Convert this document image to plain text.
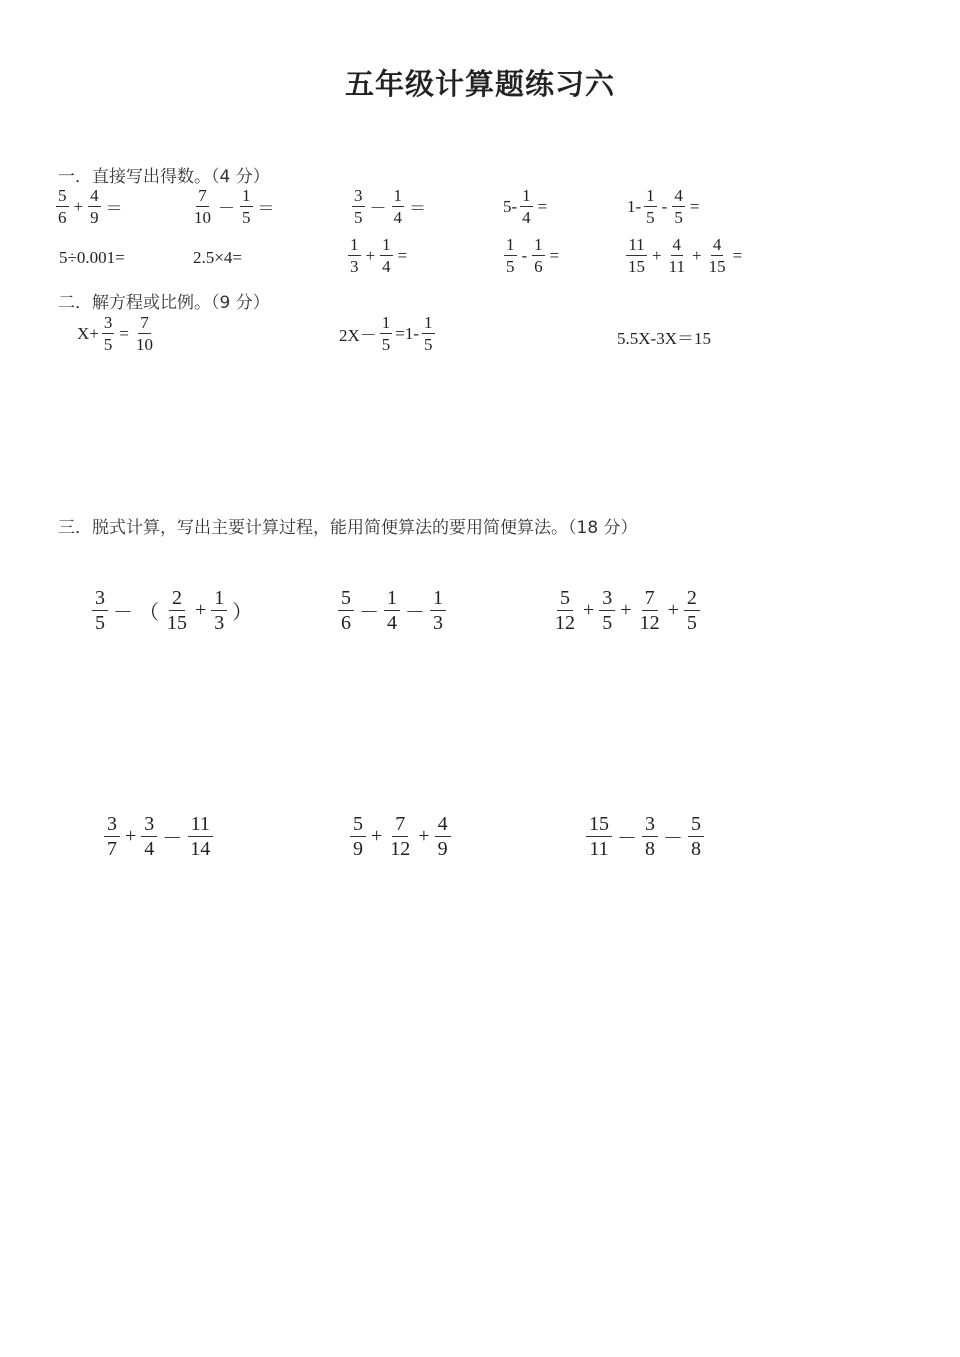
五年级计算题练习六
一．直接写出得数。（4 分）
二．解方程或比例。（9 分）
三．脱式计算，写出主要计算过程，能用简便算法的要用简便算法。（18 分）
$\frac{5}{6} + \frac{4}{9}$ ＝	$\frac{7}{10} - \frac{1}{5}$ ＝	$\frac{3}{5} - \frac{1}{4}$ ＝	$5- \frac{1}{4}$ =	$1- \frac{1}{5} - \frac{4}{5}$ =
5÷0.001=	2.5×4=	$\frac{1}{3} + \frac{1}{4}$ =	$\frac{1}{5} - \frac{1}{6}$ =	$\frac{11}{15} + \frac{4}{11} + \frac{4}{15}$ =
$X+ \frac{3}{5} = \frac{7}{10}$	$2X- \frac{1}{5} =1- \frac{1}{5}$	5.5X-3X＝15
$\frac{3}{5}$ － （ $\frac{2}{15} + \frac{1}{3}$ ）	$\frac{5}{6} - \frac{1}{4} - \frac{1}{3}$	$\frac{5}{12} + \frac{3}{5} + \frac{7}{12} + \frac{2}{5}$
$\frac{3}{7} + \frac{3}{4} - \frac{11}{14}$	$\frac{5}{9} + \frac{7}{12} + \frac{4}{9}$	$\frac{15}{11} - \frac{3}{8} - \frac{5}{8}$
